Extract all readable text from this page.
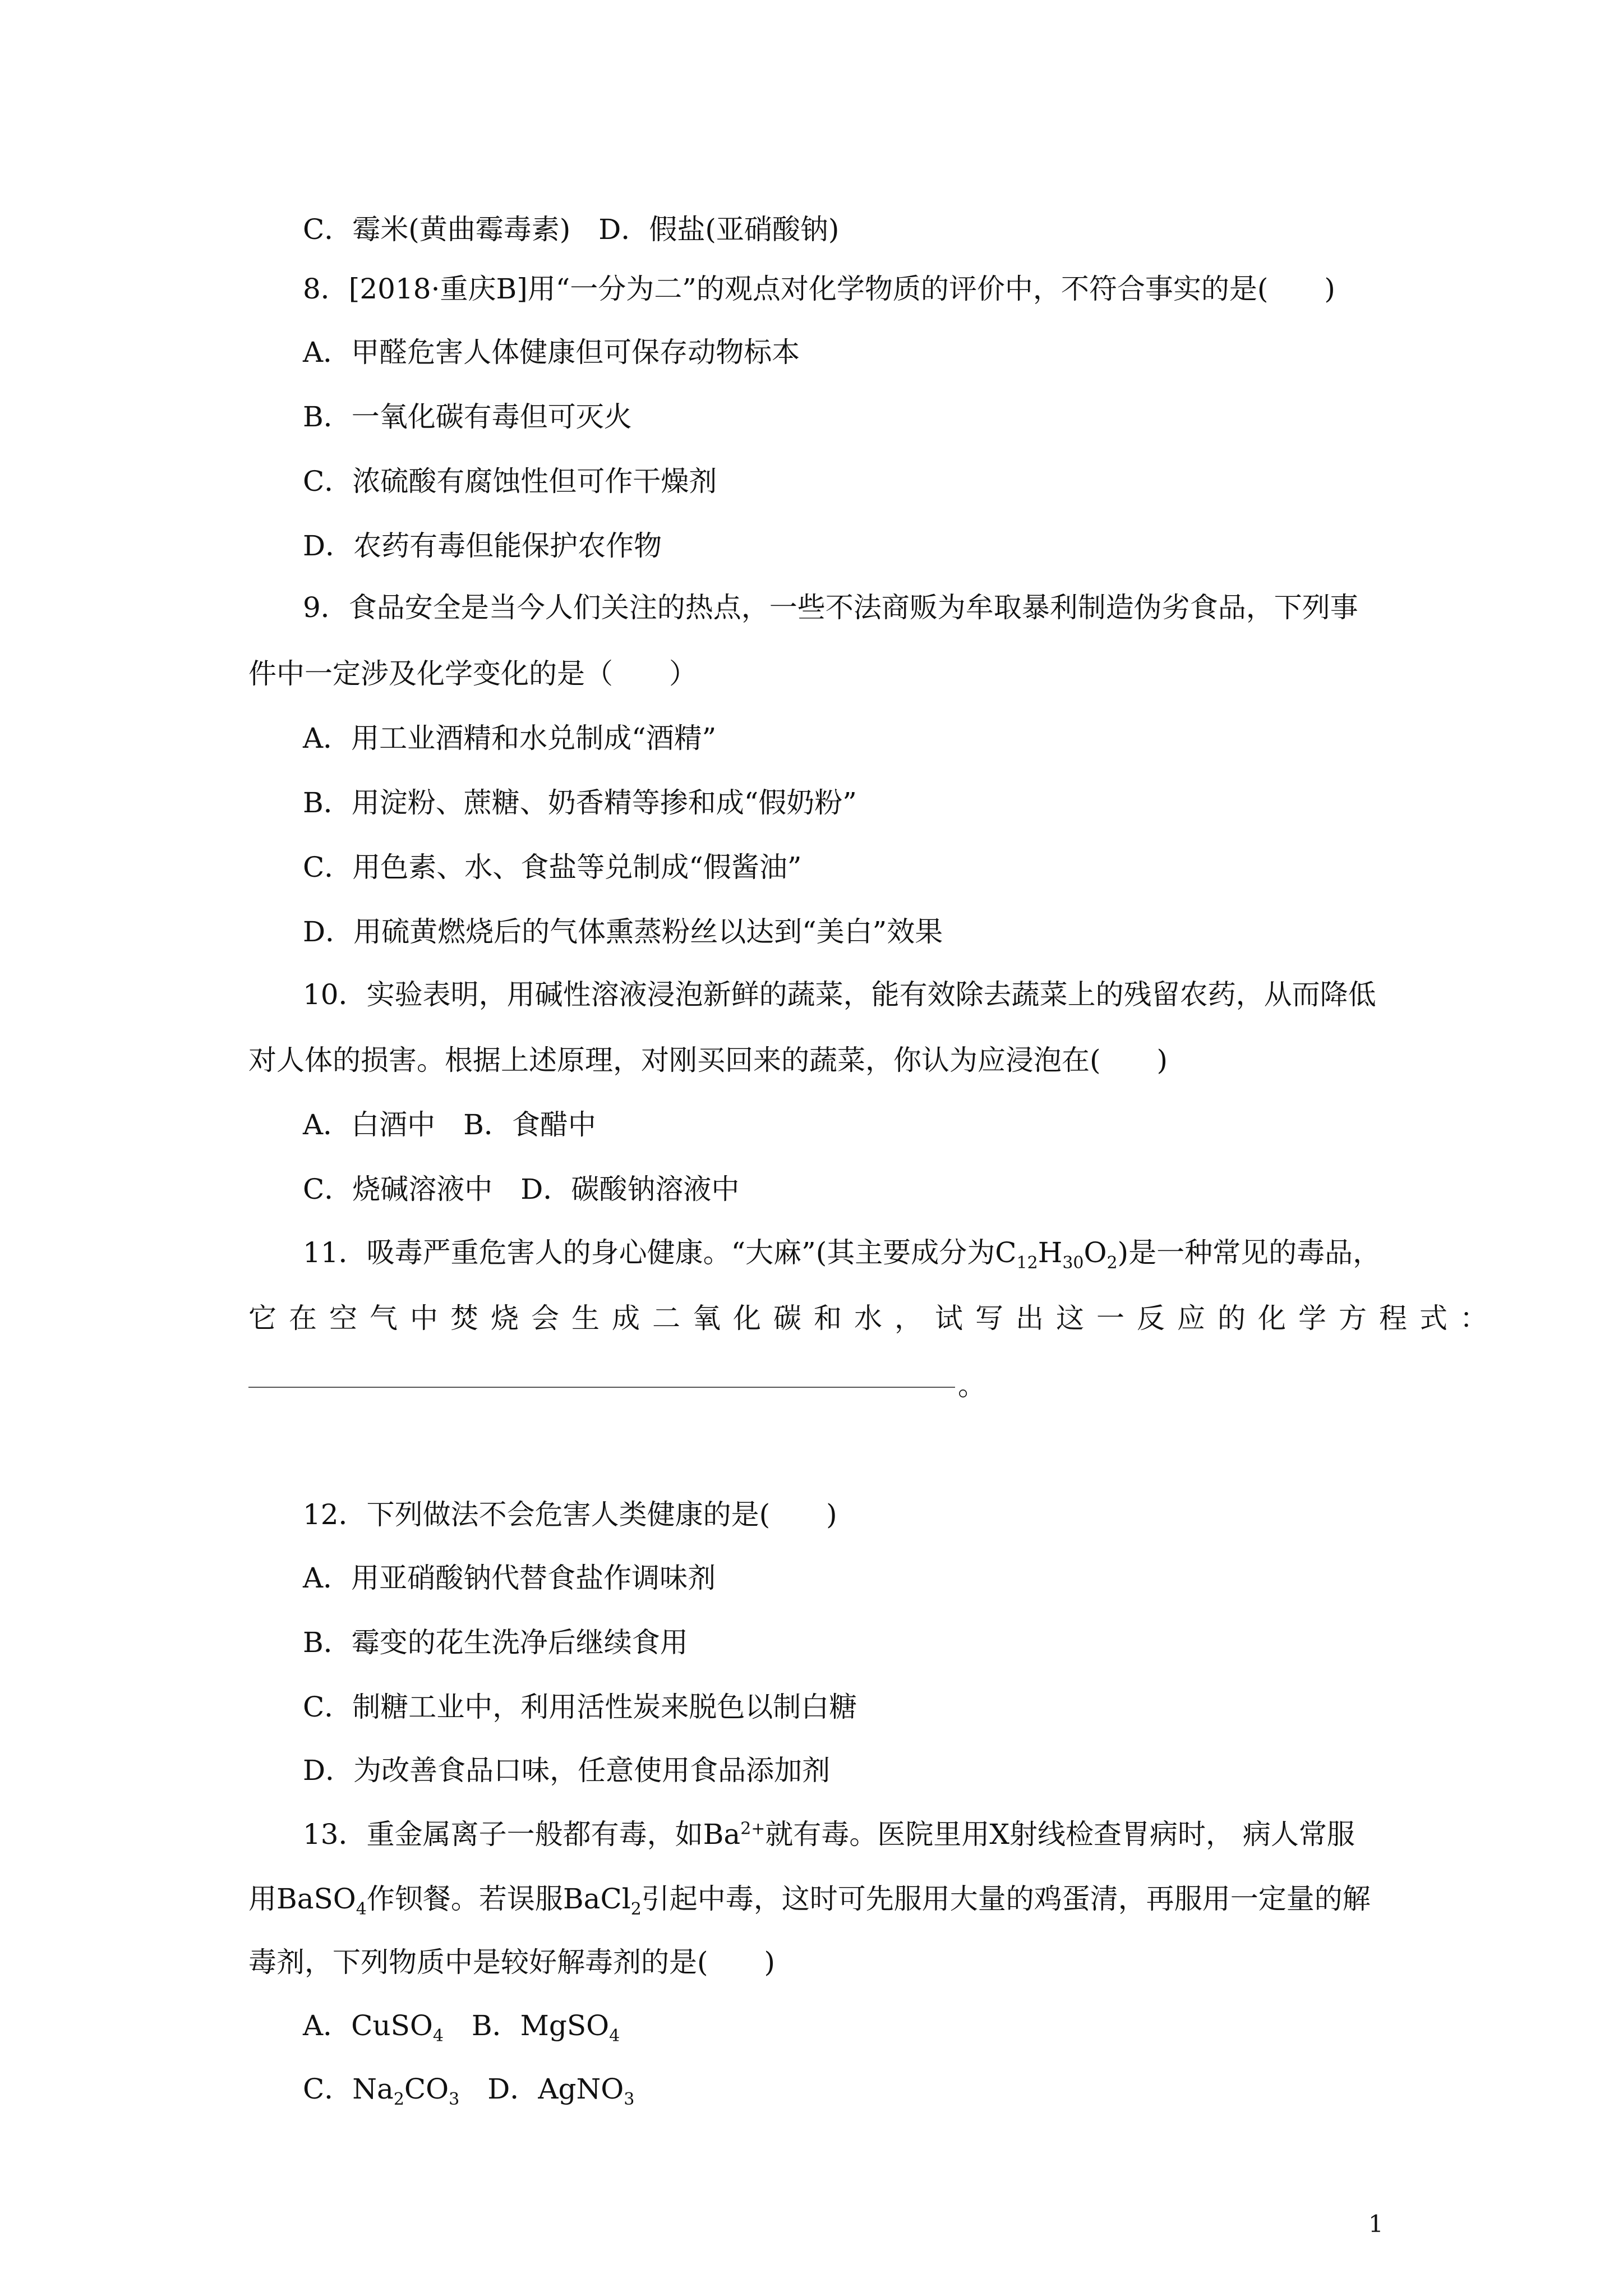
C．霉米(黄曲霉毒素)　D．假盐(亚硝酸钠)

8．[2018·重庆B]用“一分为二”的观点对化学物质的评价中，不符合事实的是(　　)

A．甲醛危害人体健康但可保存动物标本

B．一氧化碳有毒但可灭火

C．浓硫酸有腐蚀性但可作干燥剂

D．农药有毒但能保护农作物

9．食品安全是当今人们关注的热点，一些不法商贩为牟取暴利制造伪劣食品，下列事

件中一定涉及化学变化的是（　　）

A．用工业酒精和水兑制成“酒精”

B．用淀粉、蔗糖、奶香精等掺和成“假奶粉”

C．用色素、水、食盐等兑制成“假酱油”

D．用硫黄燃烧后的气体熏蒸粉丝以达到“美白”效果

10．实验表明，用碱性溶液浸泡新鲜的蔬菜，能有效除去蔬菜上的残留农药，从而降低

对人体的损害。根据上述原理，对刚买回来的蔬菜，你认为应浸泡在(　　)

A．白酒中　B．食醋中

C．烧碱溶液中　D．碳酸钠溶液中

11．吸毒严重危害人的身心健康。“大麻”(其主要成分为$C_{12}H_{30}O_2$)是一种常见的毒品，

它在空气中焚烧会生成二氧化碳和水，试写出这一反应的化学方程式：

。

12．下列做法不会危害人类健康的是(　　)

A．用亚硝酸钠代替食盐作调味剂

B．霉变的花生洗净后继续食用

C．制糖工业中，利用活性炭来脱色以制白糖

D．为改善食品口味，任意使用食品添加剂

13．重金属离子一般都有毒，如$Ba^{2+}$就有毒。医院里用X射线检查胃病时， 病人常服

用BaSO$_4$作钡餐。若误服BaCl$_2$引起中毒，这时可先服用大量的鸡蛋清，再服用一定量的解

毒剂，下列物质中是较好解毒剂的是(　　)

A．CuSO$_4$　B．MgSO$_4$

C．$Na_2CO_3$　D．AgNO$_3$

1
